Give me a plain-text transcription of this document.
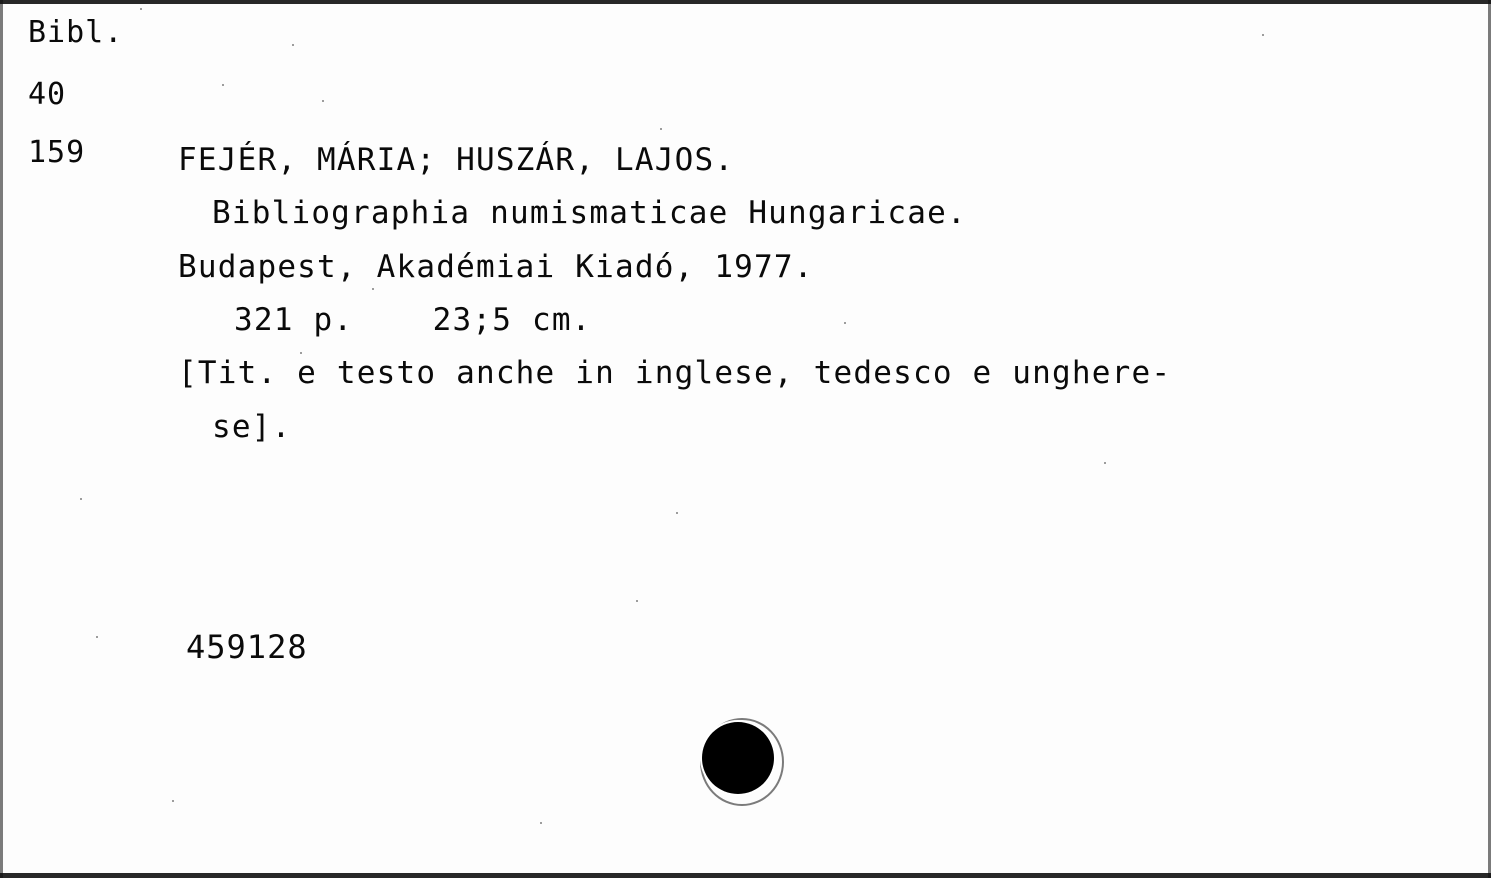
Bibl.
40
159	FEJÉR, MÁRIA; HUSZÁR, LAJOS.
Bibliographia numismaticae Hungaricae.
Budapest, Akadémiai Kiadó, 1977.
321 p.    23;5 cm.
[Tit. e testo anche in inglese, tedesco e unghere-
se].
459128
